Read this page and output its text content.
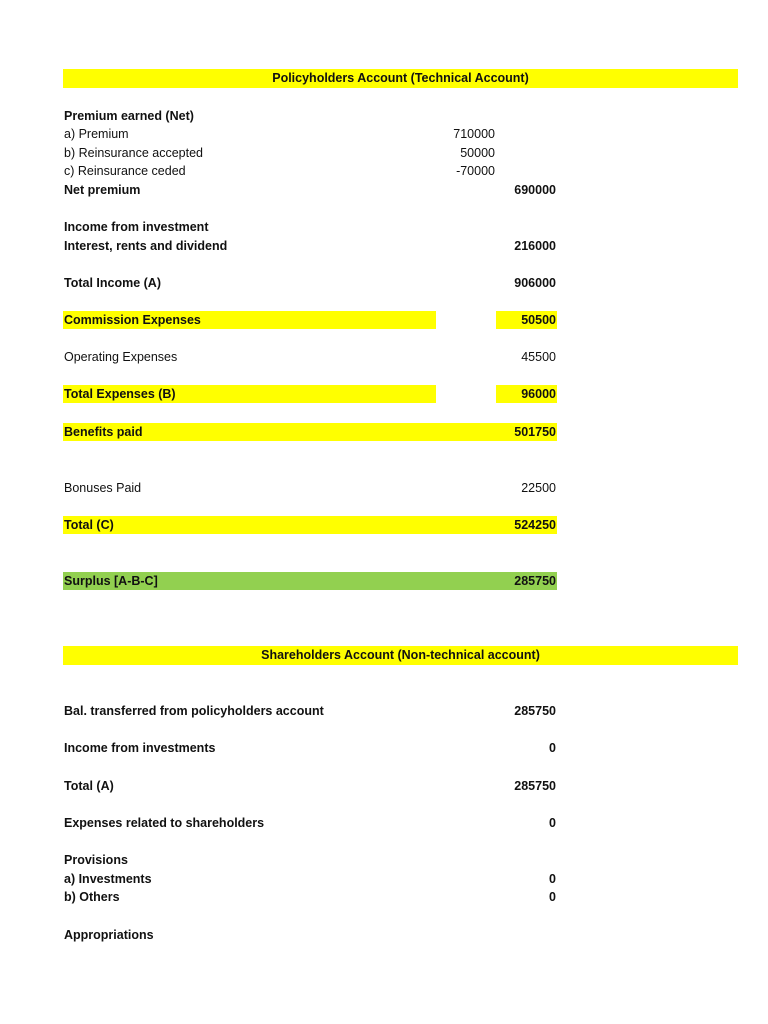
Policyholders Account (Technical Account)
Premium earned (Net)
a) Premium	710000
b) Reinsurance accepted	50000
c) Reinsurance ceded	-70000
Net premium	690000
Income from investment
Interest, rents and dividend	216000
Total Income (A)	906000
Commission Expenses	50500
Operating Expenses	45500
Total Expenses (B)	96000
Benefits paid	501750
Bonuses Paid	22500
Total (C)	524250
Surplus [A-B-C]	285750
Shareholders Account (Non-technical account)
Bal. transferred from policyholders account	285750
Income from investments	0
Total (A)	285750
Expenses related to shareholders	0
Provisions
a) Investments	0
b) Others	0
Appropriations
